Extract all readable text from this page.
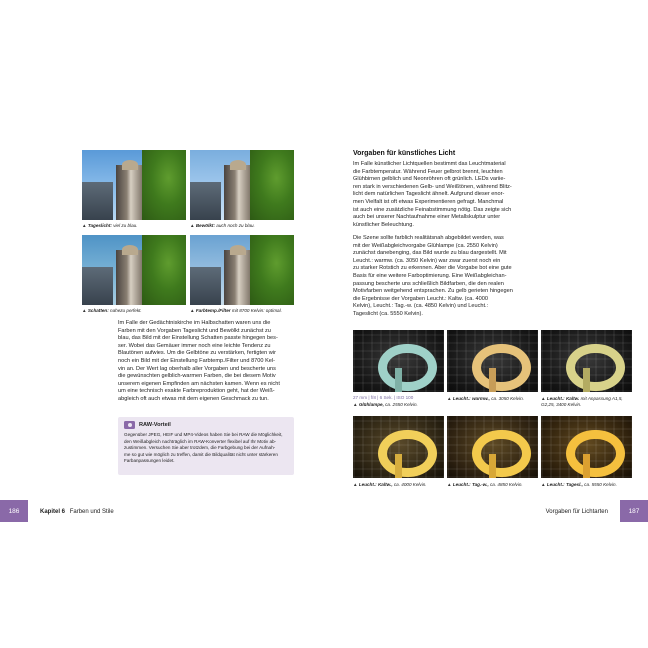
▲ Tageslicht: viel zu blau.	▲ Bewölkt: auch noch zu blau.
▲ Schatten: nahezu perfekt.	▲ Farbtemp./Filter mit 8700 Kelvin: optimal.
Im Falle der Gedächtniskirche im Halbschatten waren uns die
Farben mit den Vorgaben Tageslicht und Bewölkt zunächst zu
blau, das Bild mit der Einstellung Schatten passte hingegen bes-
ser. Wobei das Gemäuer immer noch eine leichte Tendenz zu
Blautönen aufwies. Um die Gelbtöne zu verstärken, fertigten wir
noch ein Bild mit der Einstellung Farbtemp./Filter und 8700 Kel-
vin an. Der Wert lag oberhalb aller Vorgaben und bescherte uns
die gewünschten gelblich-warmen Farben, die bei diesem Motiv
unserem eigenen Empfinden am nächsten kamen. Wenn es nicht
um eine technisch exakte Farbreproduktion geht, hat der Weiß-
abgleich oft auch etwas mit dem eigenen Geschmack zu tun.
RAW-Vorteil
Gegenüber JPEG, HEIF und MP4-Videos haben Sie bei RAW die Möglichkeit,
den Weißabgleich nachträglich im RAW-Konverter flexibel auf Ihr Motiv ab-
zustimmen. Versuchen Sie aber trotzdem, die Farbgebung bei der Aufnah-
me so gut wie möglich zu treffen, damit die Bildqualität nicht unter stärkeren
Farbanpassungen leidet.
Vorgaben für künstliches Licht
Im Falle künstlicher Lichtquellen bestimmt das Leuchtmaterial
die Farbtemperatur. Während Feuer gelbrot brennt, leuchten
Glühbirnen gelblich und Neonröhren oft grünlich. LEDs variie-
ren stark in verschiedenen Gelb- und Weißtönen, während Blitz-
licht dem natürlichen Tageslicht ähnelt. Aufgrund dieser enor-
men Vielfalt ist oft etwas Experimentieren gefragt. Manchmal
ist auch eine zusätzliche Feinabstimmung nötig. Das zeigte sich
auch bei unserer Nachtaufnahme einer Metallskulptur unter
künstlicher Beleuchtung.
Die Szene sollte farblich realitätsnah abgebildet werden, was
mit der Weißabgleichvorgabe Glühlampe (ca. 2550 Kelvin)
zunächst danebenging, das Bild wurde zu blau dargestellt. Mit
Leucht.: warmw. (ca. 3050 Kelvin) war zwar zuerst noch ein
zu starker Rotstich zu erkennen. Aber die Vorgabe bot eine gute
Basis für eine weitere Farboptimierung. Eine Weißabgleichan-
passung bescherte uns schließlich Bildfarben, die den realen
Motivfarben weitgehend entsprachen. Zu gelb gerieten hingegen
die Ergebnisse der Vorgaben Leucht.: Kaltw. (ca. 4000
Kelvin), Leucht.: Tag.-w. (ca. 4850 Kelvin) und Leucht.:
Tageslicht (ca. 5550 Kelvin).
27 mm | f/8 | 6 Sek. | ISO 100
▲ Glühlampe, ca. 2550 Kelvin.
▲ Leucht.: warmw., ca. 3050 Kelvin.	▲ Leucht.: Kaltw. mit Anpassung A1,5, G2,25, 3400 Kelvin.
▲ Leucht.: Kaltw., ca. 4000 Kelvin.	▲ Leucht.: Tag.-w., ca. 4850 Kelvin.	▲ Leucht.: Tagesl., ca. 5550 Kelvin.
186	Kapitel 6 Farben und Stile	Vorgaben für Lichtarten	187
